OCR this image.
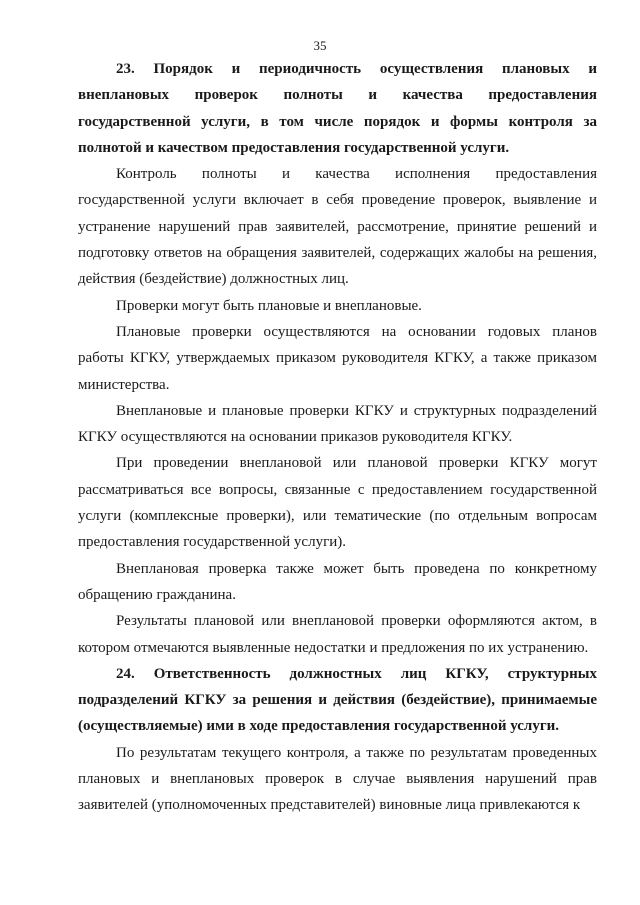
35

23. Порядок и периодичность осуществления плановых и внеплановых проверок полноты и качества предоставления государственной услуги, в том числе порядок и формы контроля за полнотой и качеством предоставления государственной услуги.

Контроль полноты и качества исполнения предоставления государственной услуги включает в себя проведение проверок, выявление и устранение нарушений прав заявителей, рассмотрение, принятие решений и подготовку ответов на обращения заявителей, содержащих жалобы на решения, действия (бездействие) должностных лиц.

Проверки могут быть плановые и внеплановые.

Плановые проверки осуществляются на основании годовых планов работы КГКУ, утверждаемых приказом руководителя КГКУ, а также приказом министерства.

Внеплановые и плановые проверки КГКУ и структурных подразделений КГКУ осуществляются на основании приказов руководителя КГКУ.

При проведении внеплановой или плановой проверки КГКУ могут рассматриваться все вопросы, связанные с предоставлением государственной услуги (комплексные проверки), или тематические (по отдельным вопросам предоставления государственной услуги).

Внеплановая проверка также может быть проведена по конкретному обращению гражданина.

Результаты плановой или внеплановой проверки оформляются актом, в котором отмечаются выявленные недостатки и предложения по их устранению.

24. Ответственность должностных лиц КГКУ, структурных подразделений КГКУ за решения и действия (бездействие), принимаемые (осуществляемые) ими в ходе предоставления государственной услуги.

По результатам текущего контроля, а также по результатам проведенных плановых и внеплановых проверок в случае выявления нарушений прав заявителей (уполномоченных представителей) виновные лица привлекаются к
